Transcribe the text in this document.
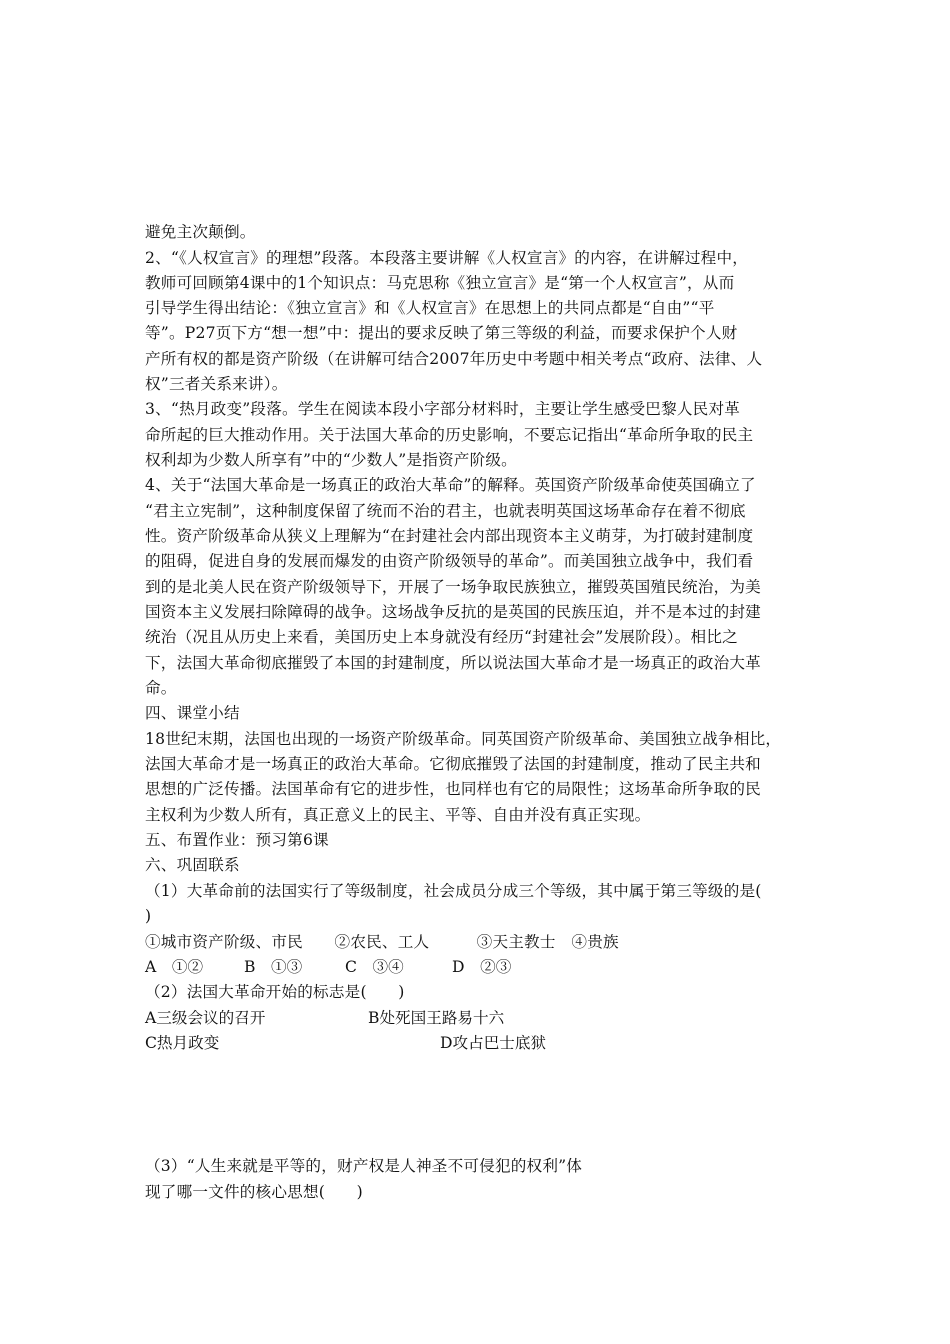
避免主次颠倒。
2、“《人权宣言》的理想”段落。本段落主要讲解《人权宣言》的内容，在讲解过程中，
教师可回顾第4课中的1个知识点：马克思称《独立宣言》是“第一个人权宣言”，从而
引导学生得出结论：《独立宣言》和《人权宣言》在思想上的共同点都是“自由”“平
等”。P27页下方“想一想”中：提出的要求反映了第三等级的利益，而要求保护个人财
产所有权的都是资产阶级（在讲解可结合2007年历史中考题中相关考点“政府、法律、人
权”三者关系来讲）。
3、“热月政变”段落。学生在阅读本段小字部分材料时，主要让学生感受巴黎人民对革
命所起的巨大推动作用。关于法国大革命的历史影响，不要忘记指出“革命所争取的民主
权利却为少数人所享有”中的“少数人”是指资产阶级。
4、关于“法国大革命是一场真正的政治大革命”的解释。英国资产阶级革命使英国确立了
“君主立宪制”，这种制度保留了统而不治的君主，也就表明英国这场革命存在着不彻底
性。资产阶级革命从狭义上理解为“在封建社会内部出现资本主义萌芽，为打破封建制度
的阻碍，促进自身的发展而爆发的由资产阶级领导的革命”。而美国独立战争中，我们看
到的是北美人民在资产阶级领导下，开展了一场争取民族独立，摧毁英国殖民统治，为美
国资本主义发展扫除障碍的战争。这场战争反抗的是英国的民族压迫，并不是本过的封建
统治（况且从历史上来看，美国历史上本身就没有经历“封建社会”发展阶段）。相比之
下，法国大革命彻底摧毁了本国的封建制度，所以说法国大革命才是一场真正的政治大革
命。
四、课堂小结
18世纪末期，法国也出现的一场资产阶级革命。同英国资产阶级革命、美国独立战争相比，
法国大革命才是一场真正的政治大革命。它彻底摧毁了法国的封建制度，推动了民主共和
思想的广泛传播。法国革命有它的进步性，也同样也有它的局限性；这场革命所争取的民
主权利为少数人所有，真正意义上的民主、平等、自由并没有真正实现。
五、布置作业：预习第6课
六、巩固联系
（1）大革命前的法国实行了等级制度，社会成员分成三个等级，其中属于第三等级的是(
)
①城市资产阶级、市民　　②农民、工人　　　③天主教士　④贵族
A　①②	B　①③	C　③④	D　②③
（2）法国大革命开始的标志是(　　)
A三级会议的召开	B处死国王路易十六
C热月政变	D攻占巴士底狱
（3）“人生来就是平等的，财产权是人神圣不可侵犯的权利”体
现了哪一文件的核心思想(　　)
